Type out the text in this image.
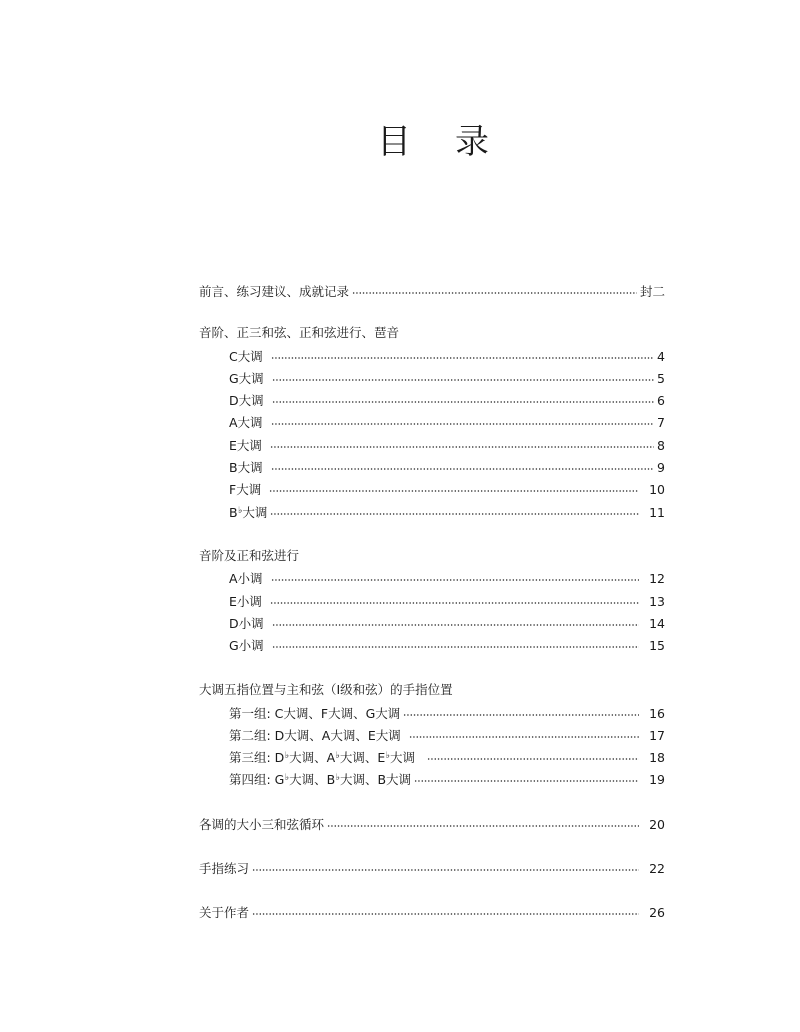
目 录
前言、练习建议、成就记录	封二
音阶、正三和弦、正和弦进行、琶音
C大调	4
G大调	5
D大调	6
A大调	7
E大调	8
B大调	9
F大调	10
B♭大调	11
音阶及正和弦进行
A小调	12
E小调	13
D小调	14
G小调	15
大调五指位置与主和弦（I级和弦）的手指位置
第一组: C大调、F大调、G大调	16
第二组: D大调、A大调、E大调	17
第三组: D♭大调、A♭大调、E♭大调	18
第四组: G♭大调、B♭大调、B大调	19
各调的大小三和弦循环	20
手指练习	22
关于作者	26
